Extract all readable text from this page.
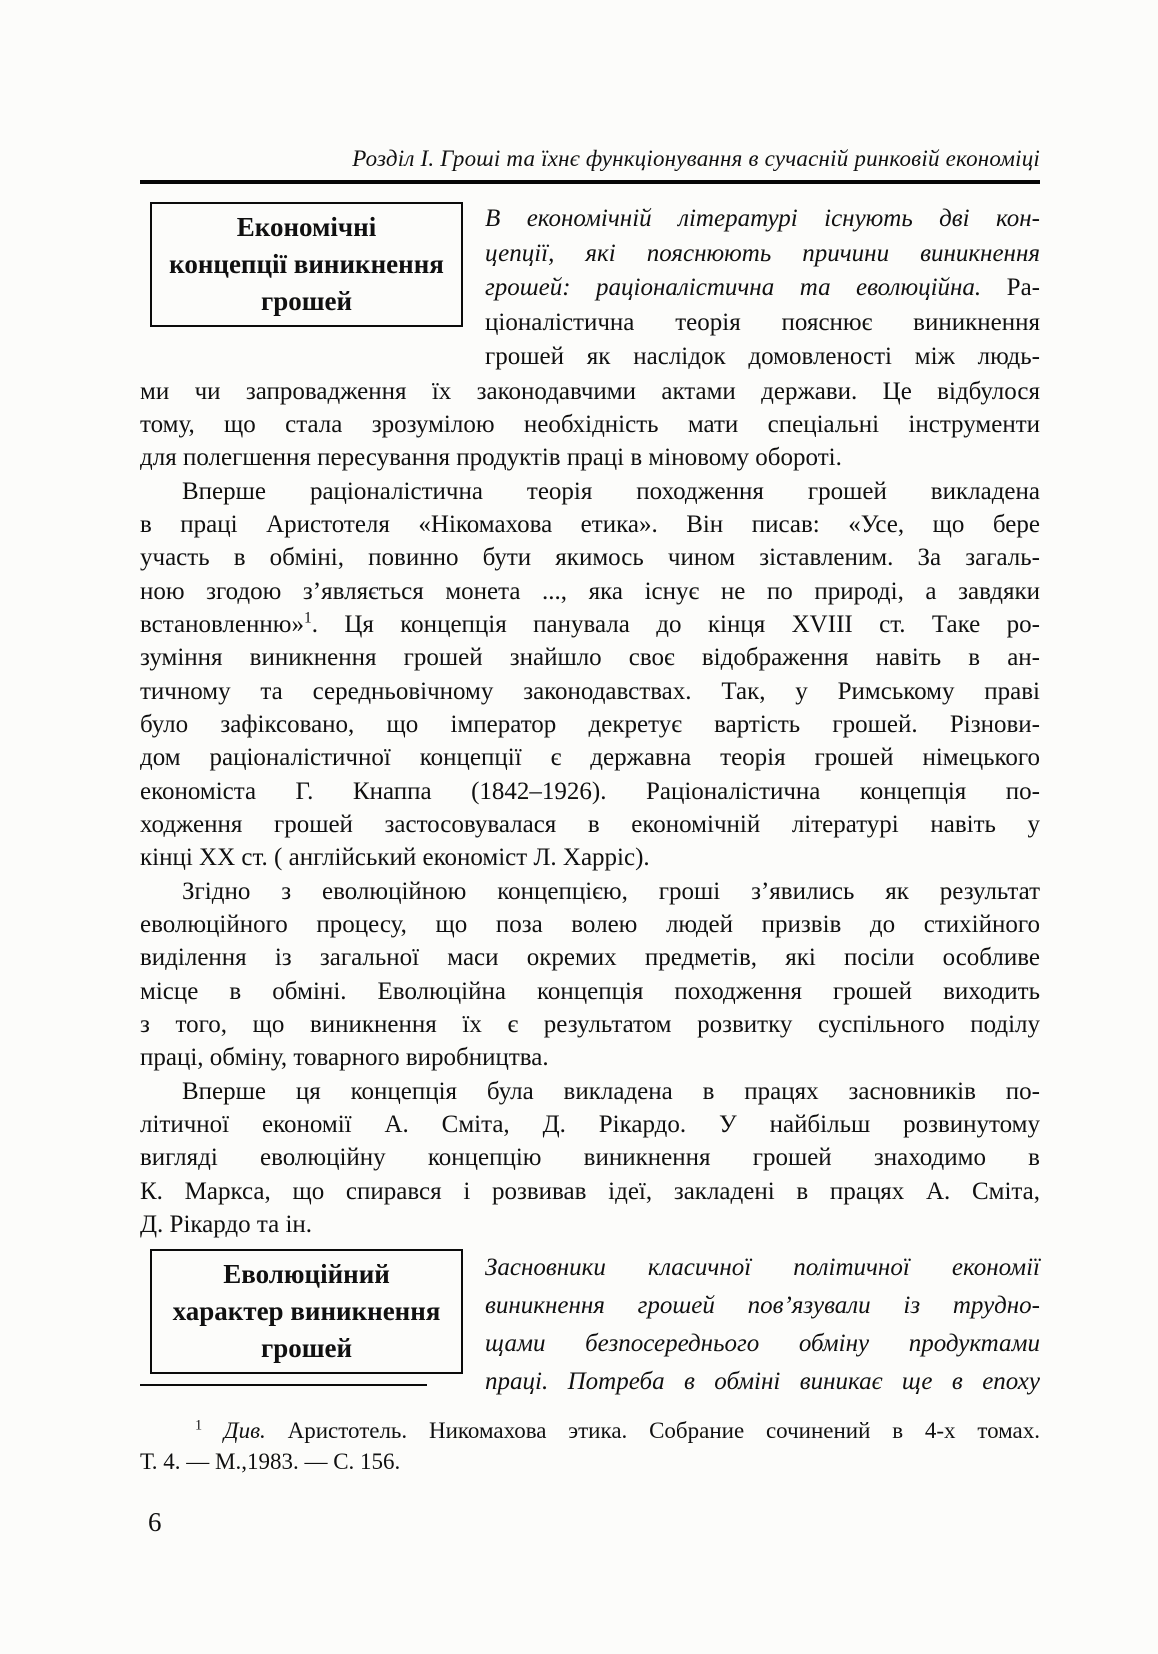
Розділ І. Гроші та їхнє функціонування в сучасній ринковій економіці
Економічні
концепції виникнення
грошей
В економічній літературі існують дві кон-
цепції, які пояснюють причини виникнення
грошей: раціоналістична та еволюційна. Ра-
ціоналістична теорія пояснює виникнення
грошей як наслідок домовленості між людь-
ми чи запровадження їх законодавчими актами держави. Це відбулося
тому, що стала зрозумілою необхідність мати спеціальні інструменти
для полегшення пересування продуктів праці в міновому обороті.
Вперше раціоналістична теорія походження грошей викладена
в праці Аристотеля «Нікомахова етика». Він писав: «Усе, що бере
участь в обміні, повинно бути якимось чином зіставленим. За загаль-
ною згодою з’являється монета ..., яка існує не по природі, а завдяки
встановленню»$^1$. Ця концепція панувала до кінця XVIII ст. Таке ро-
зуміння виникнення грошей знайшло своє відображення навіть в ан-
тичному та середньовічному законодавствах. Так, у Римському праві
було зафіксовано, що імператор декретує вартість грошей. Різнови-
дом раціоналістичної концепції є державна теорія грошей німецького
економіста Г. Кнаппа (1842–1926). Раціоналістична концепція по-
ходження грошей застосовувалася в економічній літературі навіть у
кінці XX ст. ( англійський економіст Л. Харріс).
Згідно з еволюційною концепцією, гроші з’явились як результат
еволюційного процесу, що поза волею людей призвів до стихійного
виділення із загальної маси окремих предметів, які посіли особливе
місце в обміні. Еволюційна концепція походження грошей виходить
з того, що виникнення їх є результатом розвитку суспільного поділу
праці, обміну, товарного виробництва.
Вперше ця концепція була викладена в працях засновників по-
літичної економії А. Сміта, Д. Рікардо. У найбільш розвинутому
вигляді еволюційну концепцію виникнення грошей знаходимо в
К. Маркса, що спирався і розвивав ідеї, закладені в працях А. Сміта,
Д. Рікардо та ін.
Еволюційний
характер виникнення
грошей
Засновники класичної політичної економії
виникнення грошей пов’язували із трудно-
щами безпосереднього обміну продуктами
праці. Потреба в обміні виникає ще в епоху
$^1$ Див. Аристотель. Никомахова этика. Собрание сочинений в 4-х томах.
Т. 4. — М.,1983. — С. 156.
6
